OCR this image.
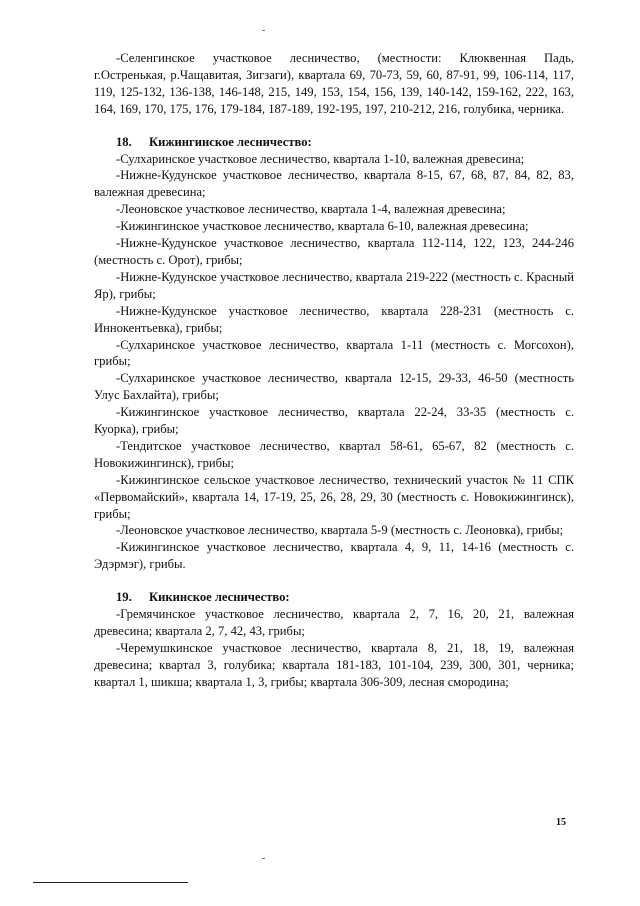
-Селенгинское участковое лесничество, (местности: Клюквенная Падь, г.Остренькая, р.Чащавитая, Зигзаги), квартала 69, 70-73, 59, 60, 87-91, 99, 106-114, 117, 119, 125-132, 136-138, 146-148, 215, 149, 153, 154, 156, 139, 140-142, 159-162, 222, 163, 164, 169, 170, 175, 176, 179-184, 187-189, 192-195, 197, 210-212, 216, голубика, черника.

18. Кижингинское лесничество:

-Сулхаринское участковое лесничество, квартала 1-10, валежная древесина;

-Нижне-Кудунское участковое лесничество, квартала 8-15, 67, 68, 87, 84, 82, 83, валежная древесина;

-Леоновское участковое лесничество, квартала 1-4, валежная древесина;

-Кижингинское участковое лесничество, квартала 6-10, валежная древесина;

-Нижне-Кудунское участковое лесничество, квартала 112-114, 122, 123, 244-246 (местность с. Орот), грибы;

-Нижне-Кудунское участковое лесничество, квартала 219-222 (местность с. Красный Яр), грибы;

-Нижне-Кудунское участковое лесничество, квартала 228-231 (местность с. Иннокентьевка), грибы;

-Сулхаринское участковое лесничество, квартала 1-11 (местность с. Могсохон), грибы;

-Сулхаринское участковое лесничество, квартала 12-15, 29-33, 46-50 (местность Улус Бахлайта), грибы;

-Кижингинское участковое лесничество, квартала 22-24, 33-35 (местность с. Куорка), грибы;

-Тендитское участковое лесничество, квартал 58-61, 65-67, 82 (местность с. Новокижингинск), грибы;

-Кижингинское сельское участковое лесничество, технический участок № 11 СПК «Первомайский», квартала 14, 17-19, 25, 26, 28, 29, 30 (местность с. Новокижингинск), грибы;

-Леоновское участковое лесничество, квартала 5-9 (местность с. Леоновка), грибы;

-Кижингинское участковое лесничество, квартала 4, 9, 11, 14-16 (местность с. Эдэрмэг), грибы.

19. Кикинское лесничество:

-Гремячинское участковое лесничество, квартала 2, 7, 16, 20, 21, валежная древесина; квартала 2, 7, 42, 43, грибы;

-Черемушкинское участковое лесничество, квартала 8, 21, 18, 19, валежная древесина; квартал 3, голубика; квартала 181-183, 101-104, 239, 300, 301, черника; квартал 1, шикша; квартала 1, 3, грибы; квартала 306-309, лесная смородина;

15
